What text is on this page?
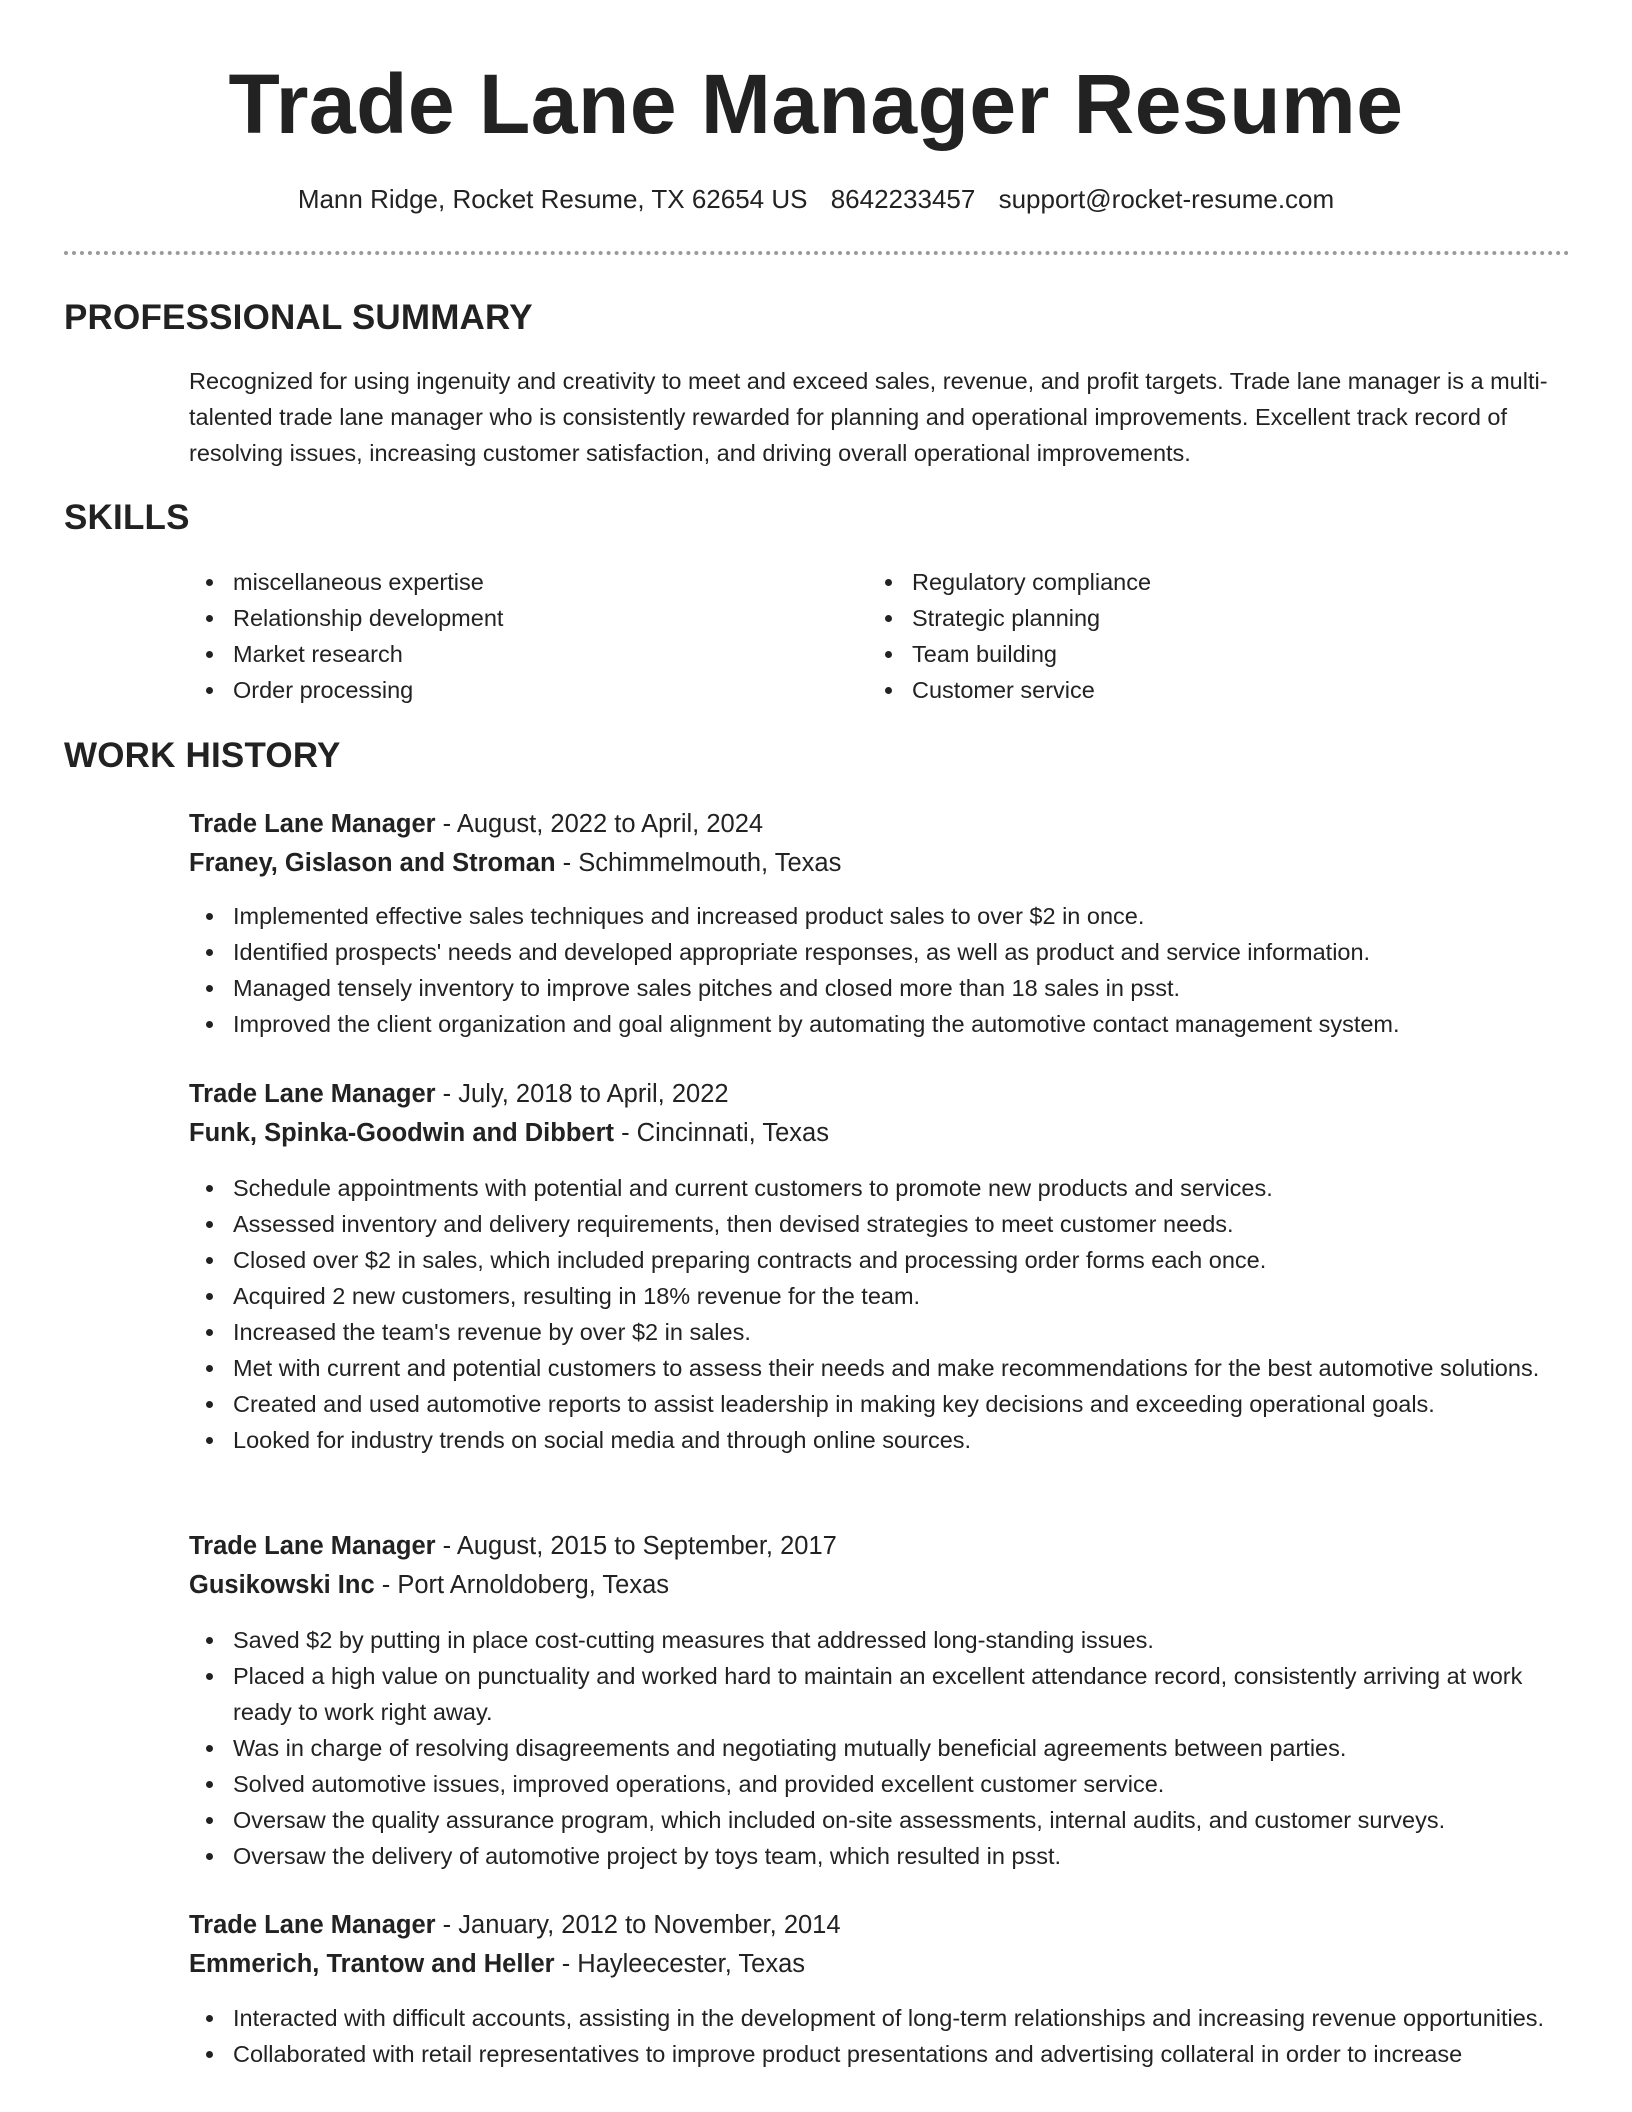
Trade Lane Manager Resume
Mann Ridge, Rocket Resume, TX 62654 US 8642233457 support@rocket-resume.com
PROFESSIONAL SUMMARY

Recognized for using ingenuity and creativity to meet and exceed sales, revenue, and profit targets. Trade lane manager is a multi-talented trade lane manager who is consistently rewarded for planning and operational improvements. Excellent track record of resolving issues, increasing customer satisfaction, and driving overall operational improvements.

SKILLS
miscellaneous expertise
Relationship development
Market research
Order processing
Regulatory compliance
Strategic planning
Team building
Customer service
WORK HISTORY
Trade Lane Manager - August, 2022 to April, 2024
Franey, Gislason and Stroman - Schimmelmouth, Texas
Implemented effective sales techniques and increased product sales to over $2 in once.
Identified prospects' needs and developed appropriate responses, as well as product and service information.
Managed tensely inventory to improve sales pitches and closed more than 18 sales in psst.
Improved the client organization and goal alignment by automating the automotive contact management system.
Trade Lane Manager - July, 2018 to April, 2022
Funk, Spinka-Goodwin and Dibbert - Cincinnati, Texas
Schedule appointments with potential and current customers to promote new products and services.
Assessed inventory and delivery requirements, then devised strategies to meet customer needs.
Closed over $2 in sales, which included preparing contracts and processing order forms each once.
Acquired 2 new customers, resulting in 18% revenue for the team.
Increased the team's revenue by over $2 in sales.
Met with current and potential customers to assess their needs and make recommendations for the best automotive solutions.
Created and used automotive reports to assist leadership in making key decisions and exceeding operational goals.
Looked for industry trends on social media and through online sources.
Trade Lane Manager - August, 2015 to September, 2017
Gusikowski Inc - Port Arnoldoberg, Texas
Saved $2 by putting in place cost-cutting measures that addressed long-standing issues.
Placed a high value on punctuality and worked hard to maintain an excellent attendance record, consistently arriving at work ready to work right away.
Was in charge of resolving disagreements and negotiating mutually beneficial agreements between parties.
Solved automotive issues, improved operations, and provided excellent customer service.
Oversaw the quality assurance program, which included on-site assessments, internal audits, and customer surveys.
Oversaw the delivery of automotive project by toys team, which resulted in psst.
Trade Lane Manager - January, 2012 to November, 2014
Emmerich, Trantow and Heller - Hayleecester, Texas
Interacted with difficult accounts, assisting in the development of long-term relationships and increasing revenue opportunities.
Collaborated with retail representatives to improve product presentations and advertising collateral in order to increase
